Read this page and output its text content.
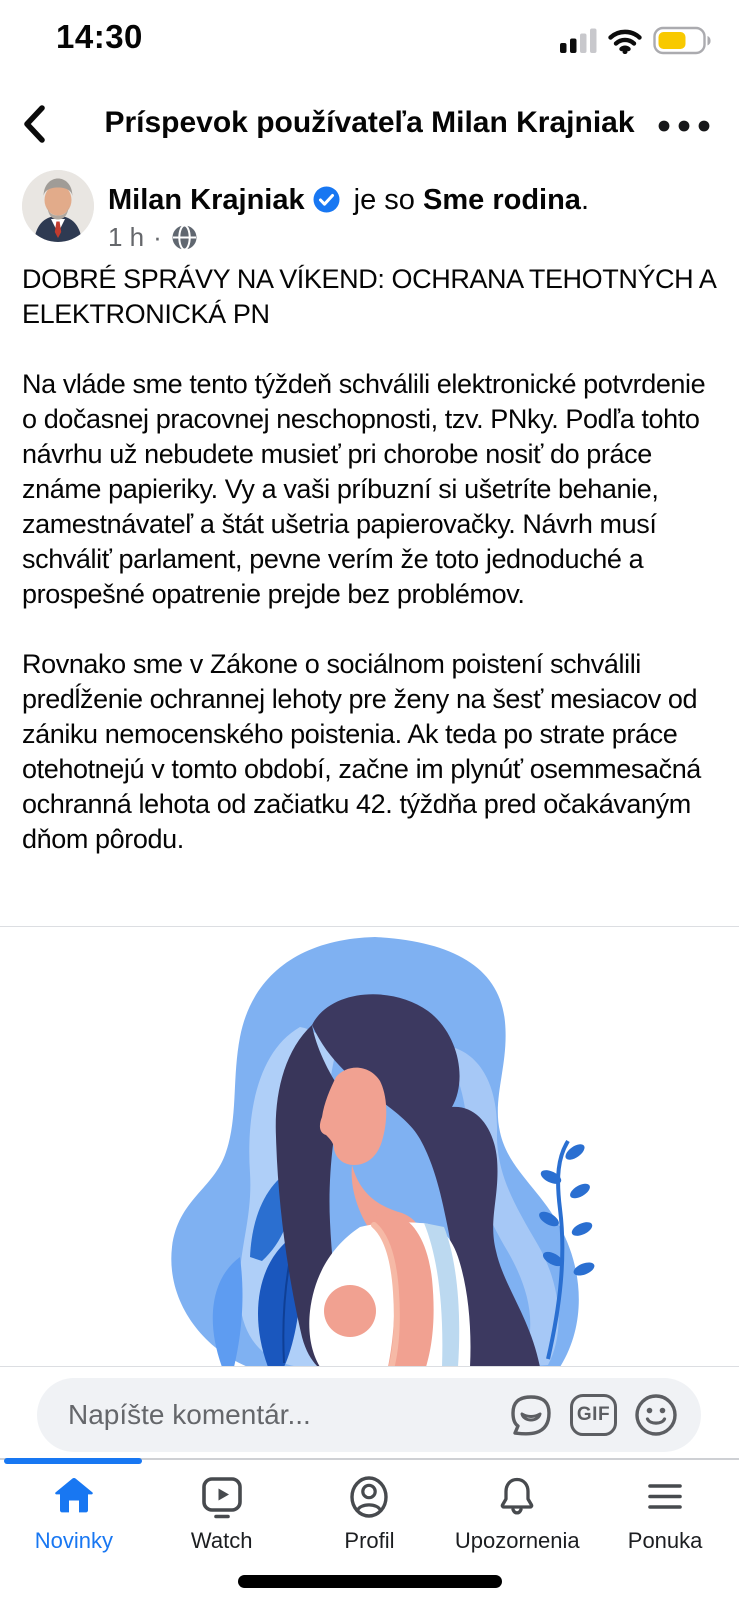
14:30
Príspevok používateľa Milan Krajniak
Milan Krajniak je so Sme rodina.
1 h ·

DOBRÉ SPRÁVY NA VÍKEND: OCHRANA TEHOTNÝCH A ELEKTRONICKÁ PN

Na vláde sme tento týždeň schválili elektronické potvrdenie o dočasnej pracovnej neschopnosti, tzv. PNky. Podľa tohto návrhu už nebudete musieť pri chorobe nosiť do práce známe papieriky. Vy a vaši príbuzní si ušetríte behanie, zamestnávateľ a štát ušetria papierovačky. Návrh musí schváliť parlament, pevne verím že toto jednoduché a prospešné opatrenie prejde bez problémov.

Rovnako sme v Zákone o sociálnom poistení schválili predĺženie ochrannej lehoty pre ženy na šesť mesiacov od zániku nemocenského poistenia. Ak teda po strate práce otehotnejú v tomto období, začne im plynúť osemmesačná ochranná lehota od začiatku 42. týždňa pred očakávaným dňom pôrodu.

Napíšte komentár...	GIF
Novinky	Watch	Profil	Upozornenia Ponuka
